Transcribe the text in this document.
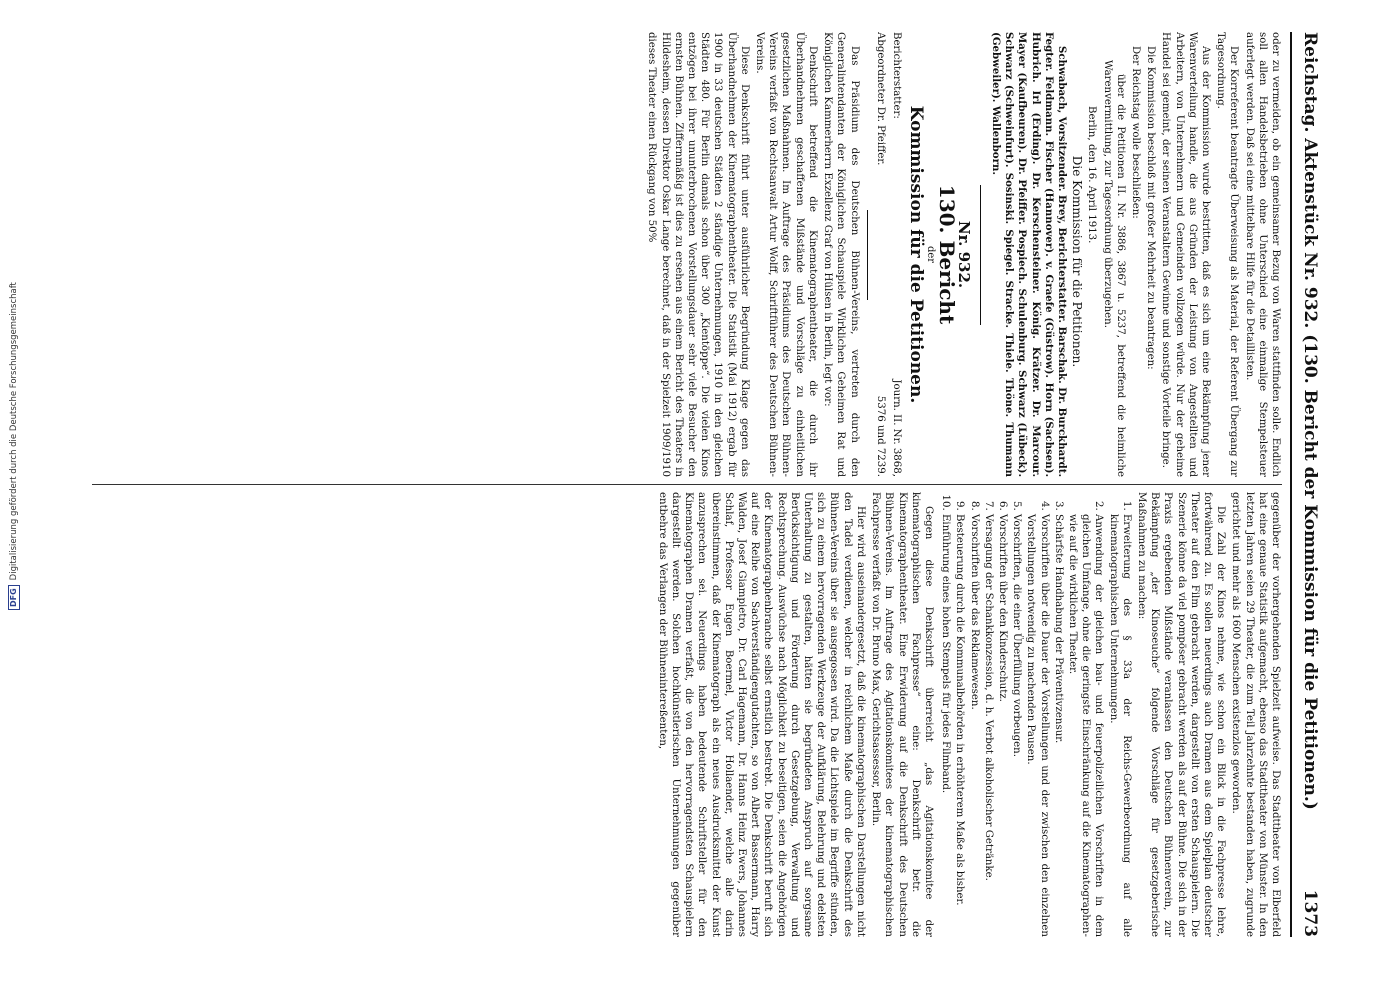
Reichstag. Aktenstück Nr. 932. (130. Bericht der Kommission für die Petitionen.)
1373

oder zu vermeiden, ob ein gemeinsamer Bezug von Waren stattfinden solle. Endlich soll allen Handelsbetrieben ohne Unterschied eine einmalige Stempelsteuer auferlegt werden. Daß sei eine mittelbare Hilfe für die Detaillisten.

Der Korreferent beantragte Überweisung als Material, der Referent Übergang zur Tagesordnung.

Aus der Kommission wurde bestritten, daß es sich um eine Bekämpfung jener Warenverteilung handle, die aus Gründen der Leistung von Angestellten und Arbeitern, von Unternehmern und Gemeinden vollzogen würde. Nur der geheime Handel sei gemeint, der seinen Veranstaltern Gewinne und sonstige Vorteile bringe.

Die Kommission beschloß mit großer Mehrheit zu beantragen:

Der Reichstag wolle beschließen:

über die Petitionen II. Nr. 3886, 3867 u. 5237, betreffend die heimliche Warenvermittlung, zur Tagesordnung überzugehen.

Berlin, den 16. April 1913.

Die Kommission für die Petitionen.

Schwabach, Vorsitzender. Brey, Berichterstatter. Barschak. Dr. Burckhardt. Fegter. Feldmann. Fischer (Hannover). v. Graefe (Güstrow). Horn (Sachsen). Hubrich. Irl (Erding). Dr. Kerschensteiner. König. Krätzer. Dr. Marcour. Mayer (Kaufbeuren). Dr. Pfeiffer. Pospiech. Schulenburg. Schwarz (Lübeck). Schwarz (Schweinfurt). Sosinski. Spiegel. Stracke. Thiele. Thöne. Thumann (Gebweiler). Wallenborn.

Nr. 932.
130. Bericht
der
Kommission für die Petitionen.
Berichterstatter:
Journ. II. Nr. 3868,
Abgeordneter Dr. Pfeiffer.
5376 und 7239.

Das Präsidium des Deutschen Bühnen-Vereins, vertreten durch den Generalintendanten der Königlichen Schauspiele Wirklichen Geheimen Rat und Königlichen Kammerherrn Exzellenz Graf von Hülsen in Berlin, legt vor:

Denkschrift betreffend die Kinematographentheater, die durch ihr Überhandnehmen geschaffenen Mißstände und Vorschläge zu einheitlichen gesetzlichen Maßnahmen. Im Auftrage des Präsidiums des Deutschen Bühnen-Vereins verfaßt von Rechtsanwalt Artur Wolff, Schriftführer des Deutschen Bühnen-Vereins.

Diese Denkschrift führt unter ausführlicher Begründung Klage gegen das Überhandnehmen der Kinematographentheater. Die Statistik (Mai 1912) ergab für 1900 in 33 deutschen Städten 2 ständige Unternehmungen, 1910 in den gleichen Städten 480. Für Berlin damals schon über 300 „Kientöppe“. Die vielen Kinos entzögen bei ihrer ununterbrochenen Vorstellungsdauer sehr viele Besucher den ernsten Bühnen. Ziffernmäßig ist dies zu ersehen aus einem Bericht des Theaters in Hildesheim, dessen Direktor Oskar Lange berechnet, daß in der Spielzeit 1909/1910 dieses Theater einen Rückgang von 50%

gegenüber der vorhergehenden Spielzeit aufweise. Das Stadttheater von Elberfeld hat eine genaue Statistik aufgemacht, ebenso das Stadttheater von Münster. In den letzten Jahren seien 29 Theater, die zum Teil Jahrzehnte bestanden haben, zugrunde gerichtet und mehr als 1600 Menschen existenzlos geworden.

Die Zahl der Kinos nehme, wie schon ein Blick in die Fachpresse lehre, fortwährend zu. Es sollen neuerdings auch Dramen aus dem Spielplan deutscher Theater auf den Film gebracht werden, dargestellt von ersten Schauspielern. Die Szenerie könne da viel pompöser gebracht werden als auf der Bühne. Die sich in der Praxis ergebenden Mißstände veranlassen den Deutschen Bühnenverein, zur Bekämpfung „der Kinoseuche“ folgende Vorschläge für gesetzgeberische Maßnahmen zu machen:

1. Erweiterung des § 33a der Reichs-Gewerbeordnung auf alle kinematographischen Unternehmungen.
2. Anwendung der gleichen bau- und feuerpolizeilichen Vorschriften in dem gleichen Umfange, ohne die geringste Einschränkung auf die Kinematographen- wie auf die wirklichen Theater.
3. Schärfste Handhabung der Präventivzensur.
4. Vorschriften über die Dauer der Vorstellungen und der zwischen den einzelnen Vorstellungen notwendig zu machenden Pausen.
5. Vorschriften, die einer Überfüllung vorbeugen.
6. Vorschriften über den Kinderschutz.
7. Versagung der Schankkonzession, d. h. Verbot alkoholischer Getränke.
8. Vorschriften über das Reklamewesen.
9. Besteuerung durch die Kommunalbehörden in erhöhterem Maße als bisher.
10. Einführung eines hohen Stempels für jedes Filmband.

Gegen diese Denkschrift überreicht „das Agitationskomitee der kinematographischen Fachpresse“ eine: Denkschrift betr. die Kinematographentheater. Eine Erwiderung auf die Denkschrift des Deutschen Bühnen-Vereins. Im Auftrage des Agitationskomitees der kinematographischen Fachpresse verfaßt von Dr. Bruno Max, Gerichtsassessor, Berlin.

Hier wird auseinandergesetzt, daß die kinematographischen Darstellungen nicht den Tadel verdienen, welcher in reichlichem Maße durch die Denkschrift des Bühnen-Vereins über sie ausgegossen wird. Da die Lichtspiele im Begriffe stünden, sich zu einem hervorragenden Werkzeuge der Aufklärung, Belehrung und edelsten Unterhaltung zu gestalten, hätten sie begründeten Anspruch auf sorgsame Berücksichtigung und Förderung durch Gesetzgebung, Verwaltung und Rechtsprechung. Auswüchse nach Möglichkeit zu beseitigen, seien die Angehörigen der Kinematographenbranche selbst ernstlich bestrebt. Die Denkschrift beruft sich auf eine Reihe von Sachverständigengutachten, so von Albert Bassermann, Harry Walden, Josef Giampietro, Dr. Carl Hagemann, Dr. Hanns Heinz Ewers, Johannes Schlaf, Professor Eugen Boermel, Victor Hollaender, welche alle darin übereinstimmen, daß der Kinematograph als ein neues Ausdrucksmittel der Kunst anzusprechen sei. Neuerdings haben bedeutende Schriftsteller für den Kinematographen Dramen verfaßt, die von den hervorragendsten Schauspielern dargestellt werden. Solchen hochkünstlerischen Unternehmungen gegenüber entbehre das Verlangen der Bühnenintereßenten,

DFG
Digitalisierung gefördert durch die Deutsche Forschungsgemeinschaft
